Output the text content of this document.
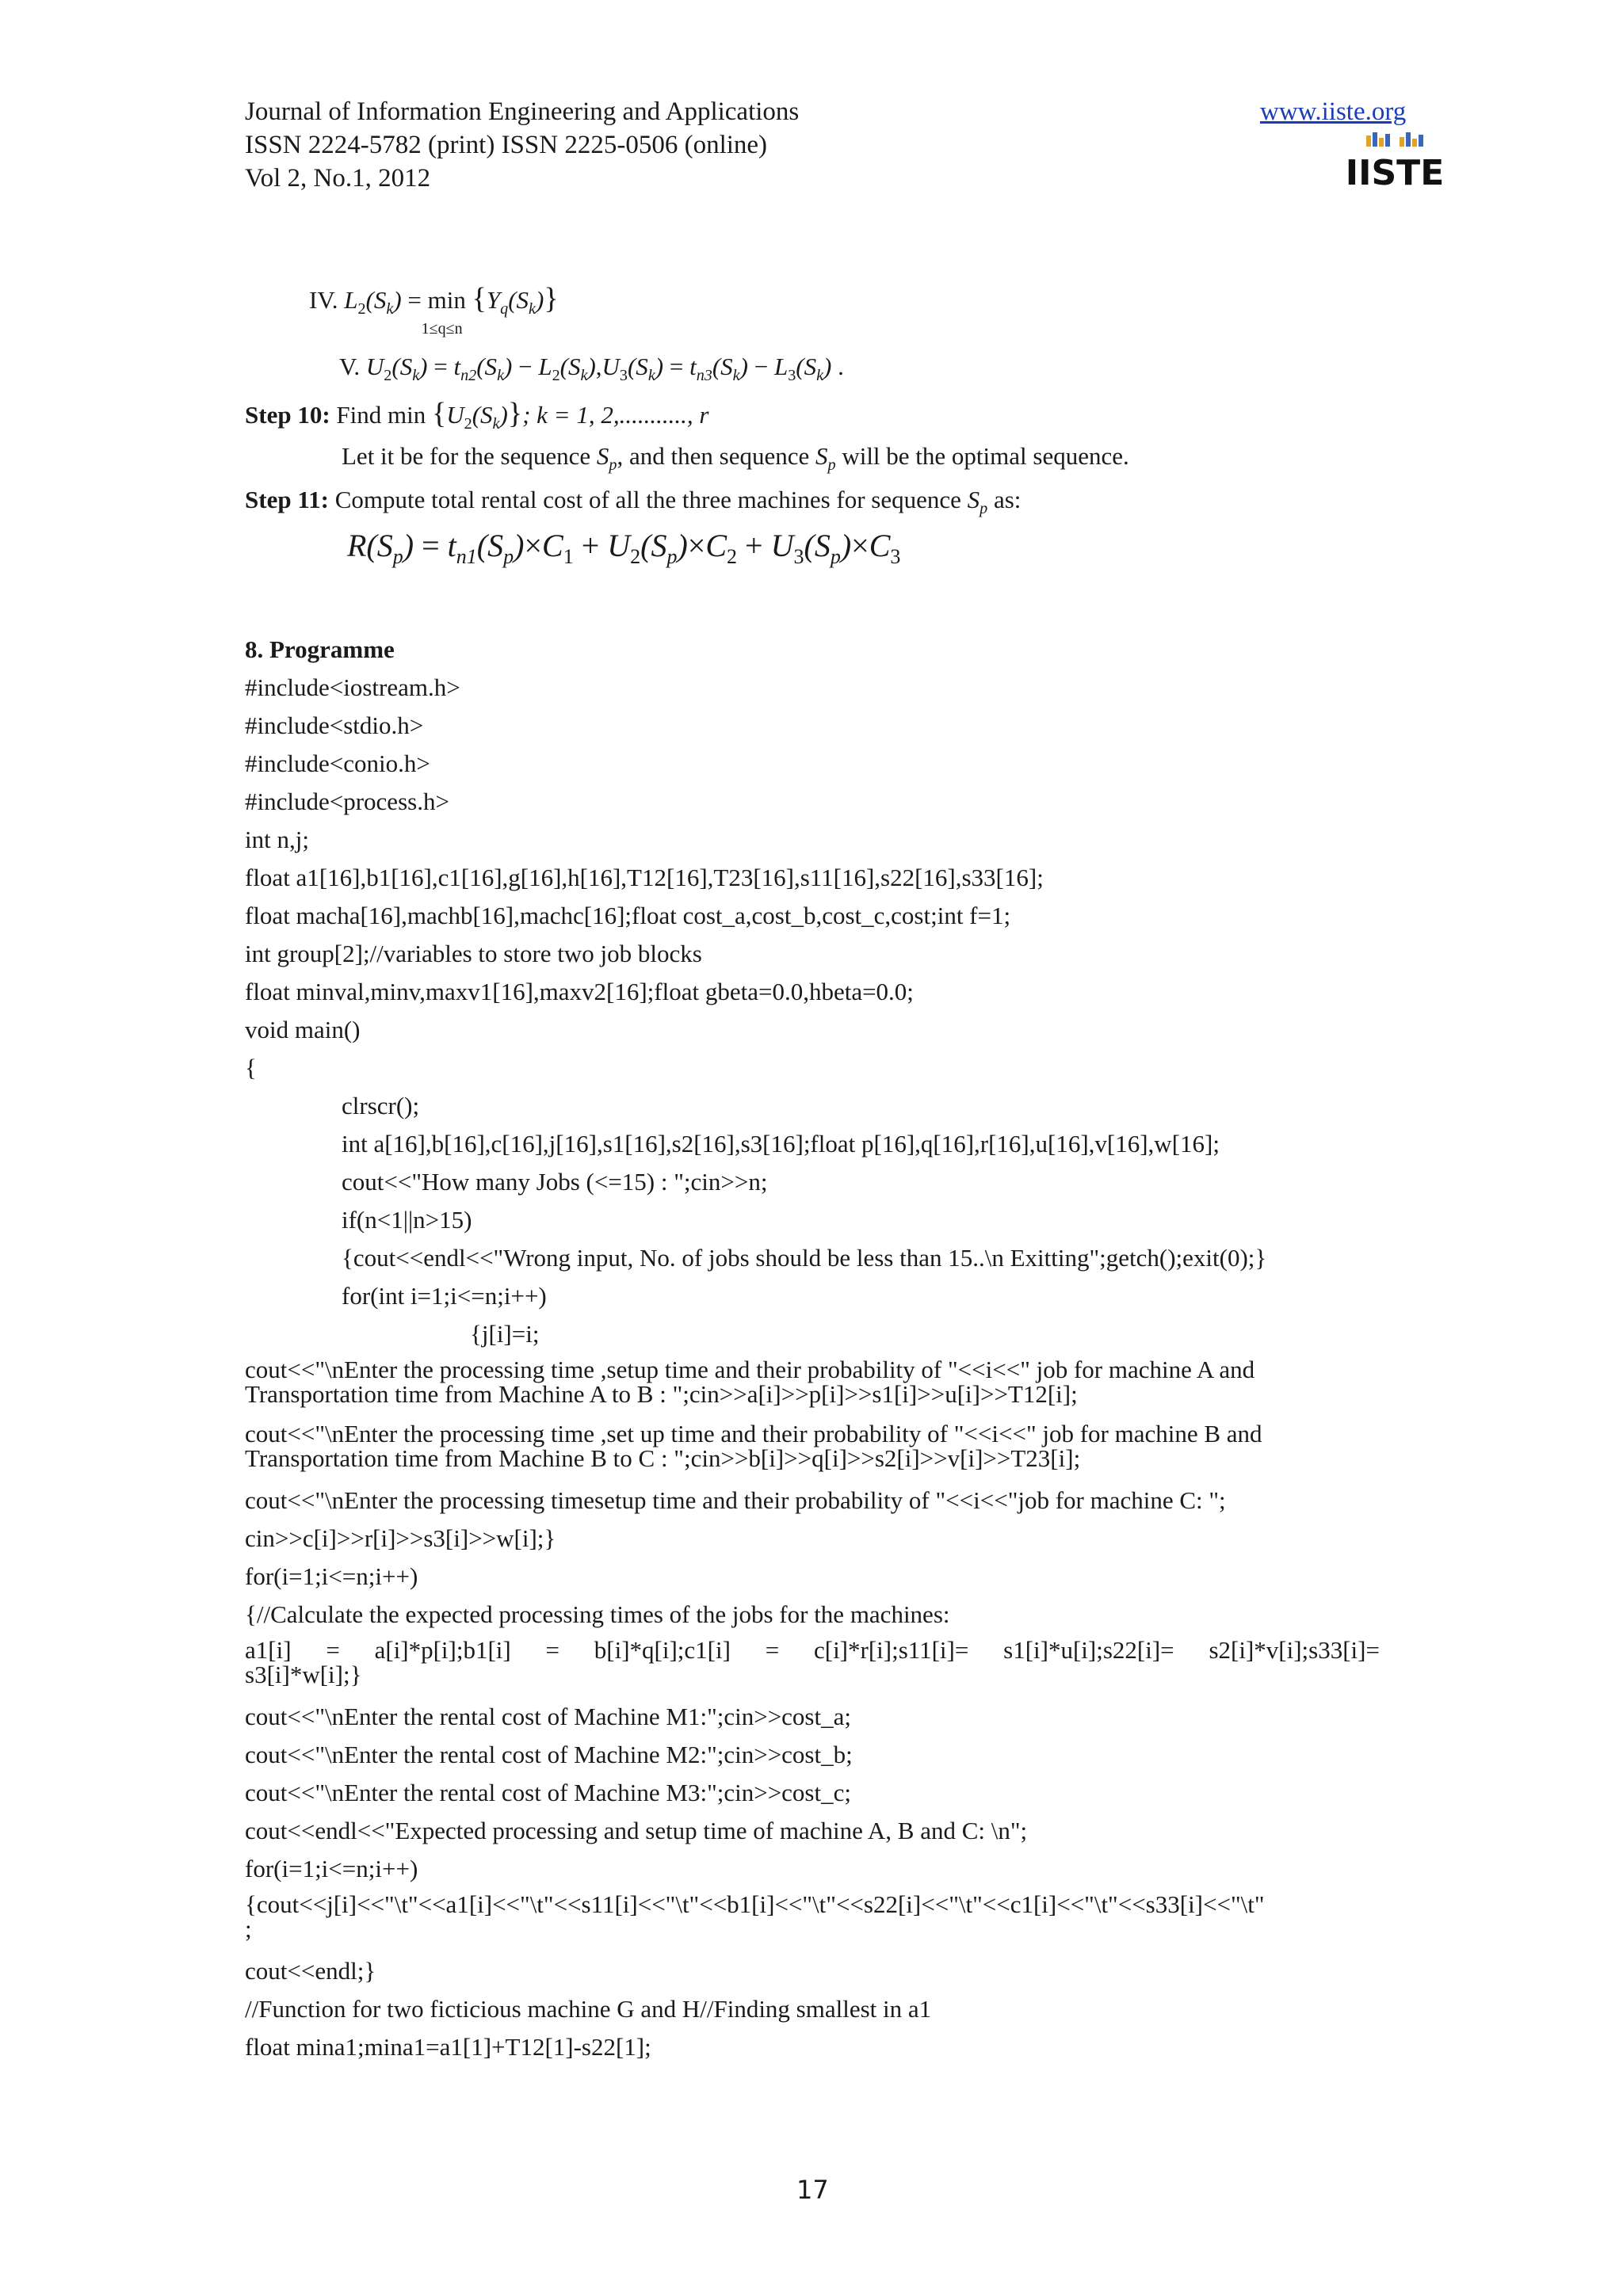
Journal of Information Engineering and Applications
ISSN 2224-5782 (print) ISSN 2225-0506 (online)
Vol 2, No.1, 2012
www.iiste.org
IISTE
IV. $L_2(S_k) = \min$
1≤q≤n
$\{Y_q(S_k)\}$
V. $U_2(S_k) = t_{n2}(S_k) - L_2(S_k),U_3(S_k) = t_{n3}(S_k) - L_3(S_k)$ .
Step 10: Find $\min \{U_2(S_k)\}$; k = 1, 2,..........., r
Let it be for the sequence $S_p$, and then sequence $S_p$ will be the optimal sequence.
Step 11: Compute total rental cost of all the three machines for sequence $S_p$ as:
$R(S_p) = t_{n1}(S_p)\times C_1 + U_2(S_p)\times C_2 + U_3(S_p)\times C_3$
8. Programme
#include<iostream.h>
#include<stdio.h>
#include<conio.h>
#include<process.h>
int n,j;
float a1[16],b1[16],c1[16],g[16],h[16],T12[16],T23[16],s11[16],s22[16],s33[16];
float macha[16],machb[16],machc[16];float cost_a,cost_b,cost_c,cost;int f=1;
int group[2];//variables to store two job blocks
float minval,minv,maxv1[16],maxv2[16];float gbeta=0.0,hbeta=0.0;
void main()
{
clrscr();
int a[16],b[16],c[16],j[16],s1[16],s2[16],s3[16];float p[16],q[16],r[16],u[16],v[16],w[16];
cout<<"How many Jobs (<=15) : ";cin>>n;
if(n<1||n>15)
{cout<<endl<<"Wrong input, No. of jobs should be less than 15..\n Exitting";getch();exit(0);}
for(int i=1;i<=n;i++)
{j[i]=i;
cout<<"\nEnter the processing time ,setup time and their probability of "<<i<<" job for machine A and
Transportation time from Machine A to B : ";cin>>a[i]>>p[i]>>s1[i]>>u[i]>>T12[i];
cout<<"\nEnter the processing time ,set up time and their probability of "<<i<<" job for machine B and
Transportation time from Machine B to C : ";cin>>b[i]>>q[i]>>s2[i]>>v[i]>>T23[i];
cout<<"\nEnter the processing timesetup time and their probability of "<<i<<"job for machine C: ";
cin>>c[i]>>r[i]>>s3[i]>>w[i];}
for(i=1;i<=n;i++)
{//Calculate the expected processing times of the jobs for the machines:
a1[i] = a[i]*p[i];b1[i] = b[i]*q[i];c1[i] = c[i]*r[i];s11[i]= s1[i]*u[i];s22[i]= s2[i]*v[i];s33[i]=
s3[i]*w[i];}
cout<<"\nEnter the rental cost of Machine M1:";cin>>cost_a;
cout<<"\nEnter the rental cost of Machine M2:";cin>>cost_b;
cout<<"\nEnter the rental cost of Machine M3:";cin>>cost_c;
cout<<endl<<"Expected processing and setup time of machine A, B and C: \n";
for(i=1;i<=n;i++)
{cout<<j[i]<<"\t"<<a1[i]<<"\t"<<s11[i]<<"\t"<<b1[i]<<"\t"<<s22[i]<<"\t"<<c1[i]<<"\t"<<s33[i]<<"\t"
;
cout<<endl;}
//Function for two ficticious machine G and H//Finding smallest in a1
float mina1;mina1=a1[1]+T12[1]-s22[1];
17
